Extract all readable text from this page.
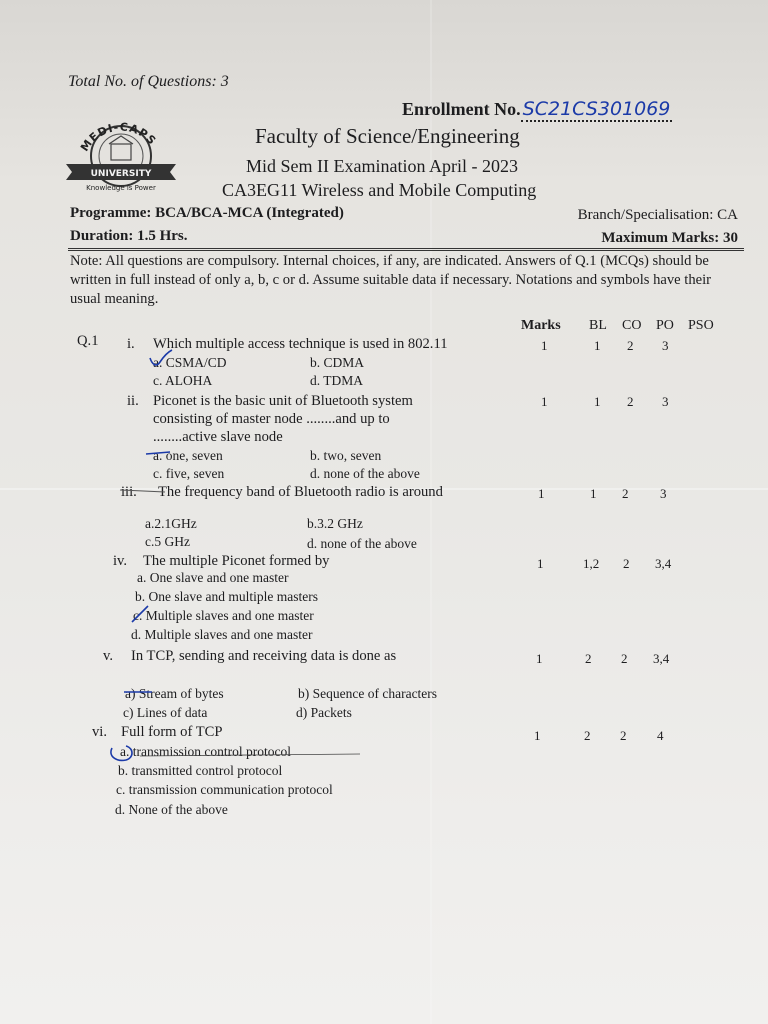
Total No. of Questions: 3
Enrollment No. SC21CS301069
MEDI-CAPS
UNIVERSITY
Knowledge is Power
Faculty of Science/Engineering
Mid Sem II Examination April - 2023
CA3EG11 Wireless and Mobile Computing
Programme: BCA/BCA-MCA (Integrated)	Branch/Specialisation: CA
Duration: 1.5 Hrs.	Maximum Marks: 30
Note: All questions are compulsory. Internal choices, if any, are indicated. Answers of Q.1 (MCQs) should be written in full instead of only a, b, c or d. Assume suitable data if necessary. Notations and symbols have their usual meaning.
Marks BL CO PO PSO
Q.1 i. Which multiple access technique is used in 802.11
a. CSMA/CD	b. CDMA
c. ALOHA	d. TDMA
1	1 2 3
ii. Piconet is the basic unit of Bluetooth system
consisting of master node ........and up to
........active slave node
a. one, seven	b. two, seven
c. five, seven	d. none of the above
1	1 2 3
iii. The frequency band of Bluetooth radio is around
a.2.1GHz	b.3.2 GHz
c.5 GHz	d. none of the above
1	1 2 3
iv. The multiple Piconet formed by
a. One slave and one master
b. One slave and multiple masters
c. Multiple slaves and one master
d. Multiple slaves and one master
1	1,2 2 3,4
v. In TCP, sending and receiving data is done as
a) Stream of bytes	b) Sequence of characters
c) Lines of data	d) Packets
1	2 2 3,4
vi. Full form of TCP
a. transmission control protocol
b. transmitted control protocol
c. transmission communication protocol
d. None of the above
1	2 2 4
